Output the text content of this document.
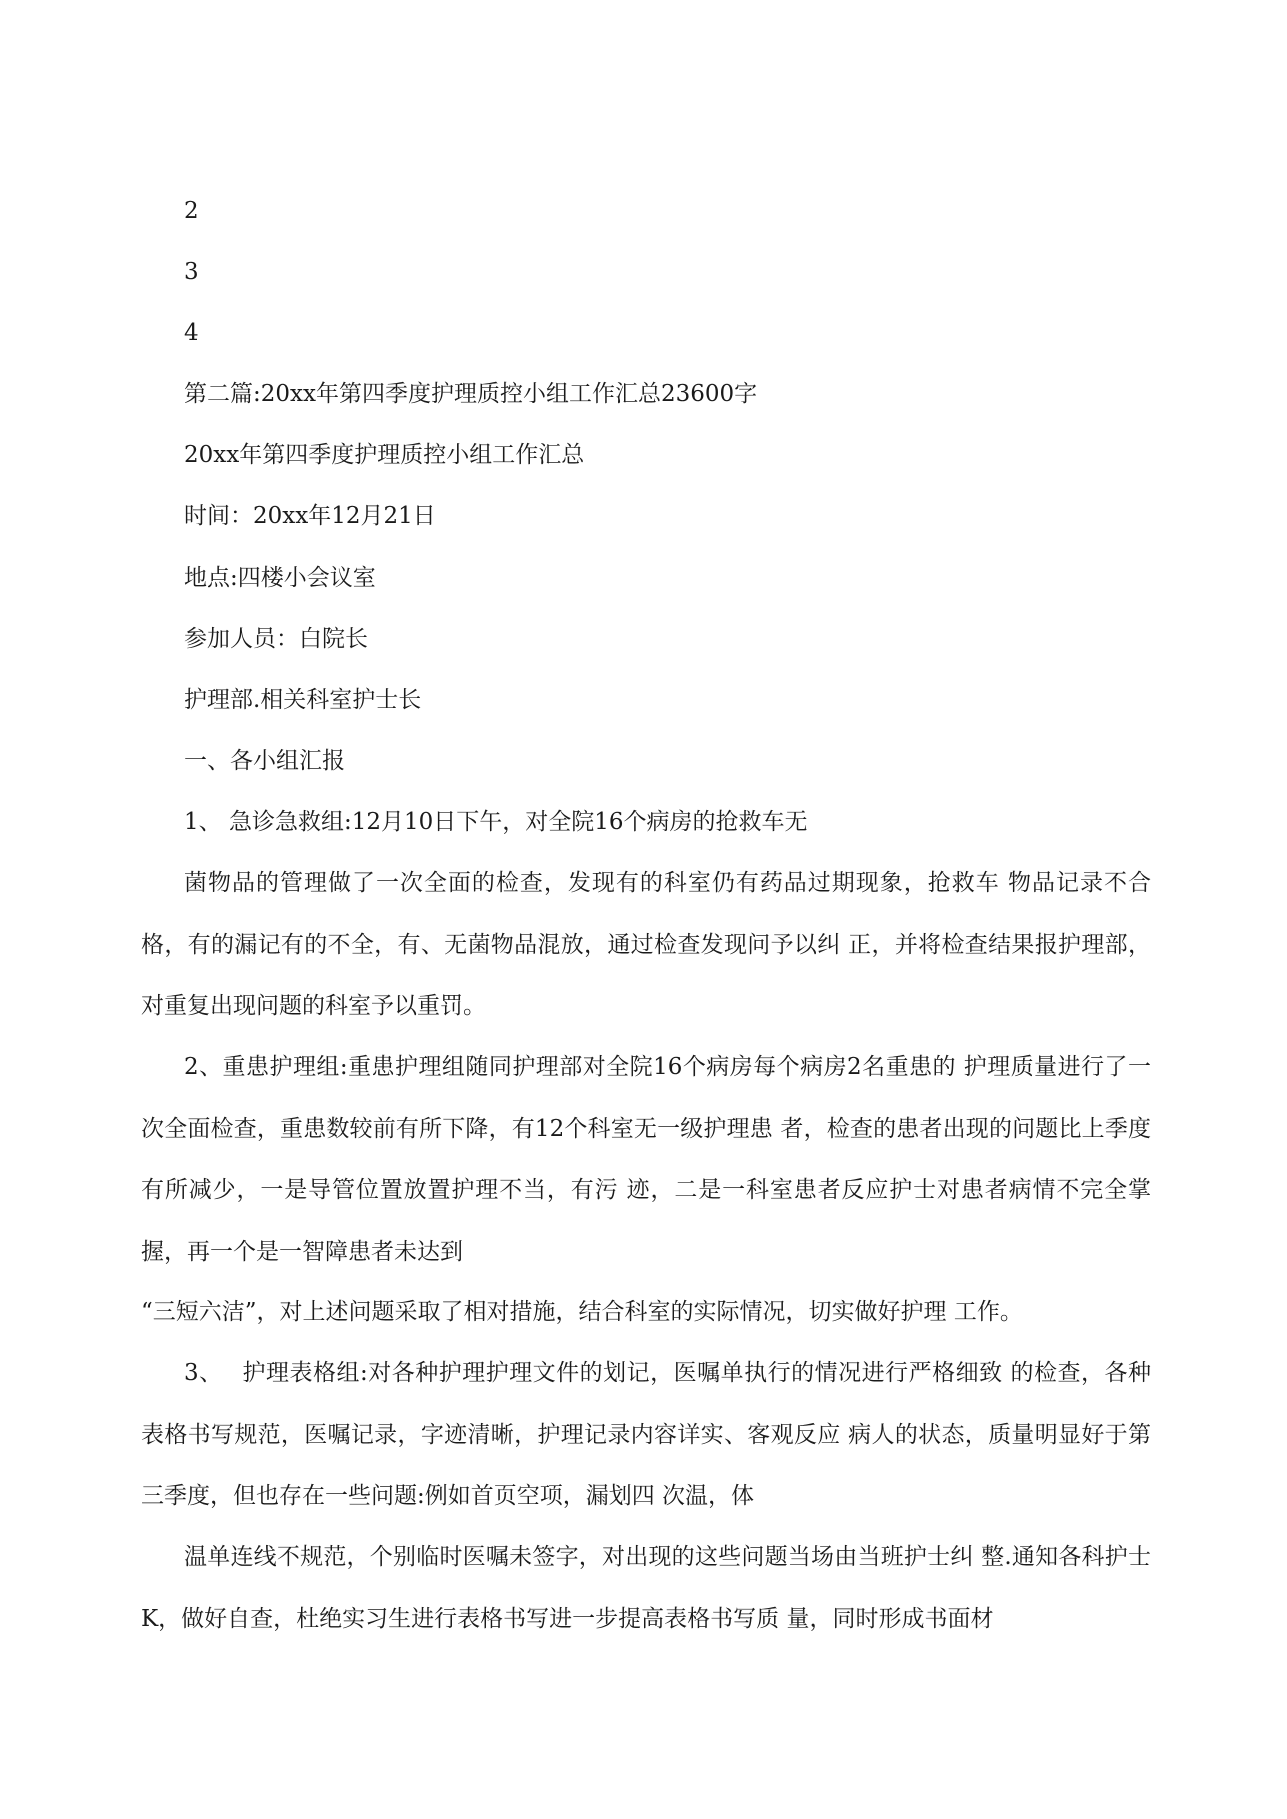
2
3
4
第二篇:20xx年第四季度护理质控小组工作汇总23600字
20xx年第四季度护理质控小组工作汇总
时间：20xx年12月21日
地点:四楼小会议室
参加人员：白院长
护理部.相关科室护士长
一、各小组汇报
1、 急诊急救组:12月10日下午，对全院16个病房的抢救车无
菌物品的管理做了一次全面的检查，发现有的科室仍有药品过期现象，抢救车 物品记录不合格，有的漏记有的不全，有、无菌物品混放，通过检查发现问予以纠 正，并将检查结果报护理部，对重复出现问题的科室予以重罚。
2、重患护理组:重患护理组随同护理部对全院16个病房每个病房2名重患的 护理质量进行了一次全面检查，重患数较前有所下降，有12个科室无一级护理患 者，检查的患者出现的问题比上季度有所减少，一是导管位置放置护理不当，有污 迹，二是一科室患者反应护士对患者病情不完全掌握，再一个是一智障患者未达到
“三短六洁”，对上述问题采取了相对措施，结合科室的实际情况，切实做好护理 工作。
3、　 护理表格组:对各种护理护理文件的划记，医嘱单执行的情况进行严格细致 的检查，各种表格书写规范，医嘱记录，字迹清晰，护理记录内容详实、客观反应 病人的状态，质量明显好于第三季度，但也存在一些问题:例如首页空项，漏划四 次温，体
温单连线不规范，个别临时医嘱未签字，对出现的这些问题当场由当班护士纠 整.通知各科护士K，做好自查，杜绝实习生进行表格书写进一步提高表格书写质 量，同时形成书面材
